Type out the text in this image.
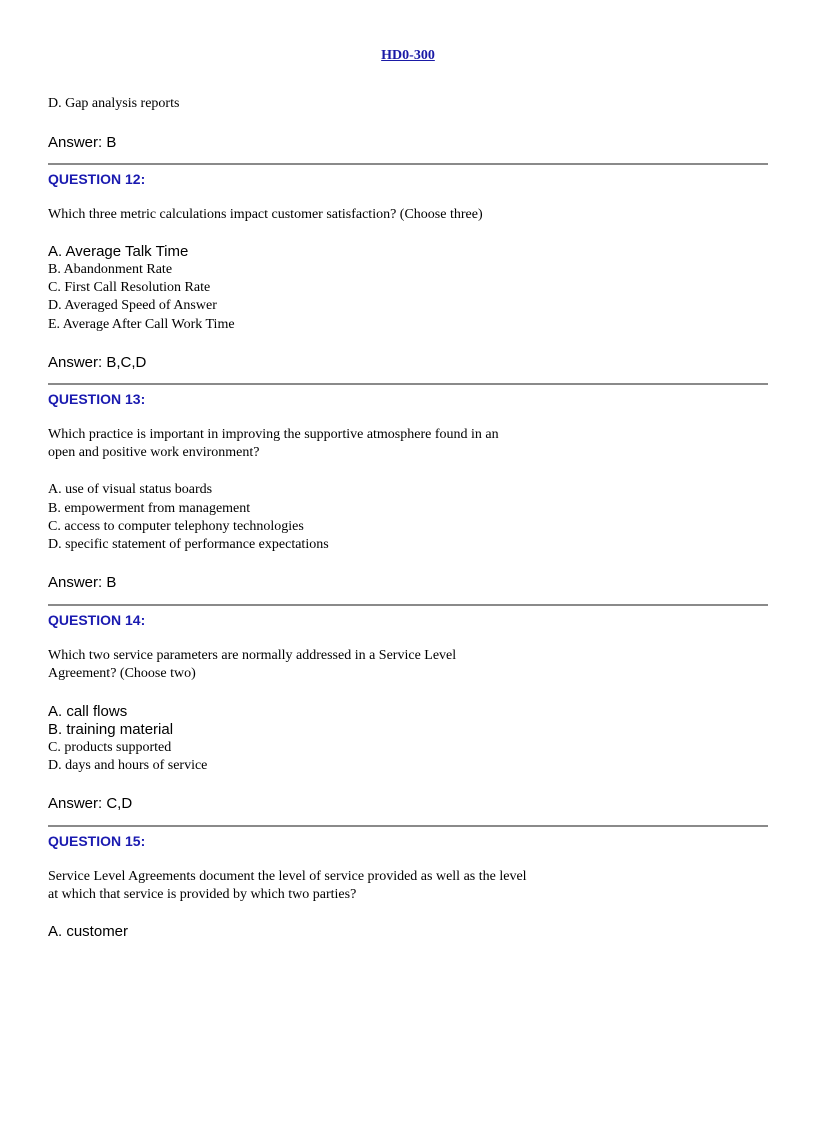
HD0-300
D. Gap analysis reports
Answer: B
QUESTION 12:
Which three metric calculations impact customer satisfaction? (Choose three)
A. Average Talk Time
B. Abandonment Rate
C. First Call Resolution Rate
D. Averaged Speed of Answer
E. Average After Call Work Time
Answer: B,C,D
QUESTION 13:
Which practice is important in improving the supportive atmosphere found in an
open and positive work environment?
A. use of visual status boards
B. empowerment from management
C. access to computer telephony technologies
D. specific statement of performance expectations
Answer: B
QUESTION 14:
Which two service parameters are normally addressed in a Service Level
Agreement? (Choose two)
A. call flows
B. training material
C. products supported
D. days and hours of service
Answer: C,D
QUESTION 15:
Service Level Agreements document the level of service provided as well as the level
at which that service is provided by which two parties?
A. customer
